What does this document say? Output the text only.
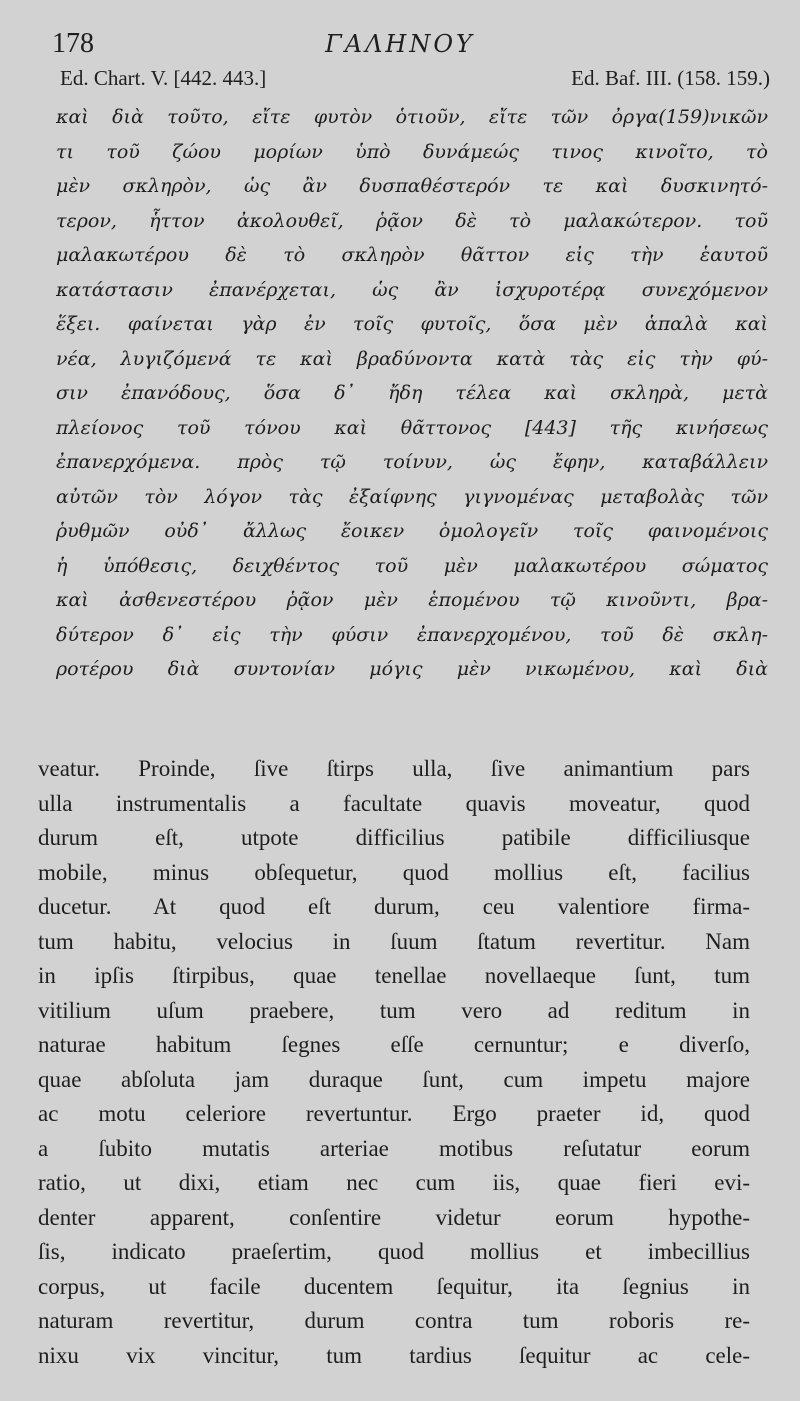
178	ΓΑΛΗΝΟΥ
Ed. Chart. V. [442. 443.]	Ed. Baf. III. (158. 159.)
καὶ διὰ τοῦτο, εἴτε φυτὸν ὁτιοῦν, εἴτε τῶν ὀργα(159)νικῶν
τι τοῦ ζώου μορίων ὑπὸ δυνάμεώς τινος κινοῖτο, τὸ
μὲν σκληρὸν, ὡς ἂν δυσπαθέστερόν τε καὶ δυσκινητό-
τερον, ἧττον ἀκολουθεῖ, ῥᾷον δὲ τὸ μαλακώτερον. τοῦ
μαλακωτέρου δὲ τὸ σκληρὸν θᾶττον εἰς τὴν ἑαυτοῦ
κατάστασιν ἐπανέρχεται, ὡς ἂν ἰσχυροτέρᾳ συνεχόμενον
ἕξει. φαίνεται γὰρ ἐν τοῖς φυτοῖς, ὅσα μὲν ἁπαλὰ καὶ
νέα, λυγιζόμενά τε καὶ βραδύνοντα κατὰ τὰς εἰς τὴν φύ-
σιν ἐπανόδους, ὅσα δ᾽ ἤδη τέλεα καὶ σκληρὰ, μετὰ
πλείονος τοῦ τόνου καὶ θᾶττονος [443] τῆς κινήσεως
ἐπανερχόμενα. πρὸς τῷ τοίνυν, ὡς ἔφην, καταβάλλειν
αὐτῶν τὸν λόγον τὰς ἐξαίφνης γιγνομένας μεταβολὰς τῶν
ῥυθμῶν οὐδ᾽ ἄλλως ἔοικεν ὁμολογεῖν τοῖς φαινομένοις
ἡ ὑπόθεσις, δειχθέντος τοῦ μὲν μαλακωτέρου σώματος
καὶ ἀσθενεστέρου ῥᾷον μὲν ἑπομένου τῷ κινοῦντι, βρα-
δύτερον δ᾽ εἰς τὴν φύσιν ἐπανερχομένου, τοῦ δὲ σκλη-
ροτέρου διὰ συντονίαν μόγις μὲν νικωμένου, καὶ διὰ
veatur. Proinde, ſive ſtirps ulla, ſive animantium pars
ulla instrumentalis a facultate quavis moveatur, quod
durum eſt, utpote difficilius patibile difficiliusque
mobile, minus obſequetur, quod mollius eſt, facilius
ducetur. At quod eſt durum, ceu valentiore firma-
tum habitu, velocius in ſuum ſtatum revertitur. Nam
in ipſis ſtirpibus, quae tenellae novellaeque ſunt, tum
vitilium uſum praebere, tum vero ad reditum in
naturae habitum ſegnes eſſe cernuntur; e diverſo,
quae abſoluta jam duraque ſunt, cum impetu majore
ac motu celeriore revertuntur. Ergo praeter id, quod
a ſubito mutatis arteriae motibus reſutatur eorum
ratio, ut dixi, etiam nec cum iis, quae fieri evi-
denter apparent, conſentire videtur eorum hypothe-
ſis, indicato praeſertim, quod mollius et imbecillius
corpus, ut facile ducentem ſequitur, ita ſegnius in
naturam revertitur, durum contra tum roboris re-
nixu vix vincitur, tum tardius ſequitur ac cele-
